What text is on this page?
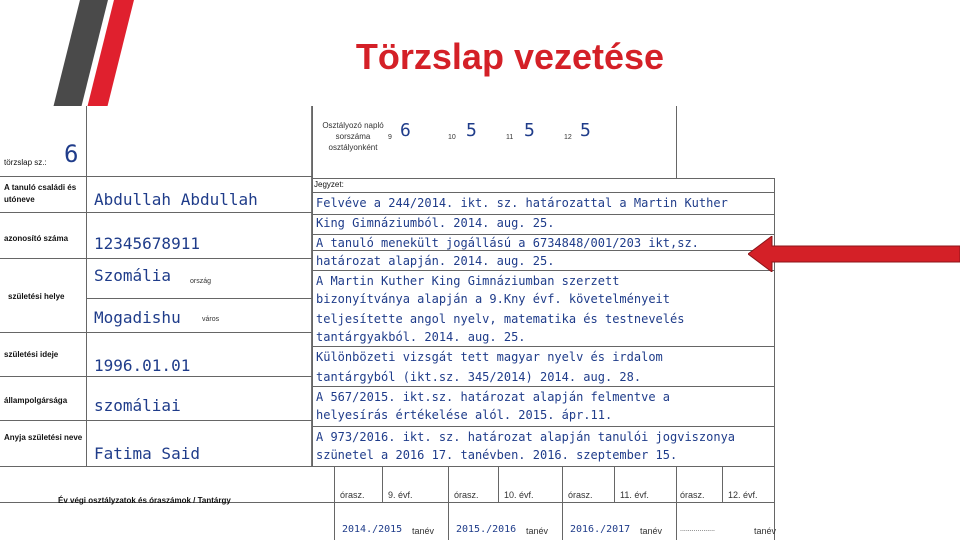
Törzslap vezetése
törzslap sz.: 6
Osztályozó napló sorszáma osztályonként
9 6	10 5	11 5	12 5
Jegyzet:
A tanuló családi és utóneve	Abdullah Abdullah
azonosító száma 12345678911
születési helye
Szomália	ország
Mogadishu	város
születési ideje
1996.01.01
állampolgársága szomáliai
Anyja születési neve
Fatima Said
Felvéve a 244/2014. ikt. sz. határozattal a Martin Kuther
King Gimnáziumból. 2014. aug. 25.
A tanuló menekült jogállású a 6734848/001/203 ikt,sz.
határozat alapján. 2014. aug. 25.
A Martin Kuther King Gimnáziumban szerzett
bizonyítványa alapján a 9.Kny évf. követelményeit
teljesítette angol nyelv, matematika és testnevelés
tantárgyakból. 2014. aug. 25.
Különbözeti vizsgát tett magyar nyelv és irdalom
tantárgyból (ikt.sz. 345/2014) 2014. aug. 28.
A 567/2015. ikt.sz. határozat alapján felmentve a
helyesírás értékelése alól. 2015. ápr.11.
A 973/2016. ikt. sz. határozat alapján tanulói jogviszonya
szünetel a 2016 17. tanévben. 2016. szeptember 15.
Év végi osztályzatok és óraszámok / Tantárgy
órasz.	9. évf.	órasz.	10. évf.	órasz.	11. évf.	órasz.	12. évf.
2014./2015 tanév 2015./2016 tanév 2016./2017 tanév	..................	tanév
